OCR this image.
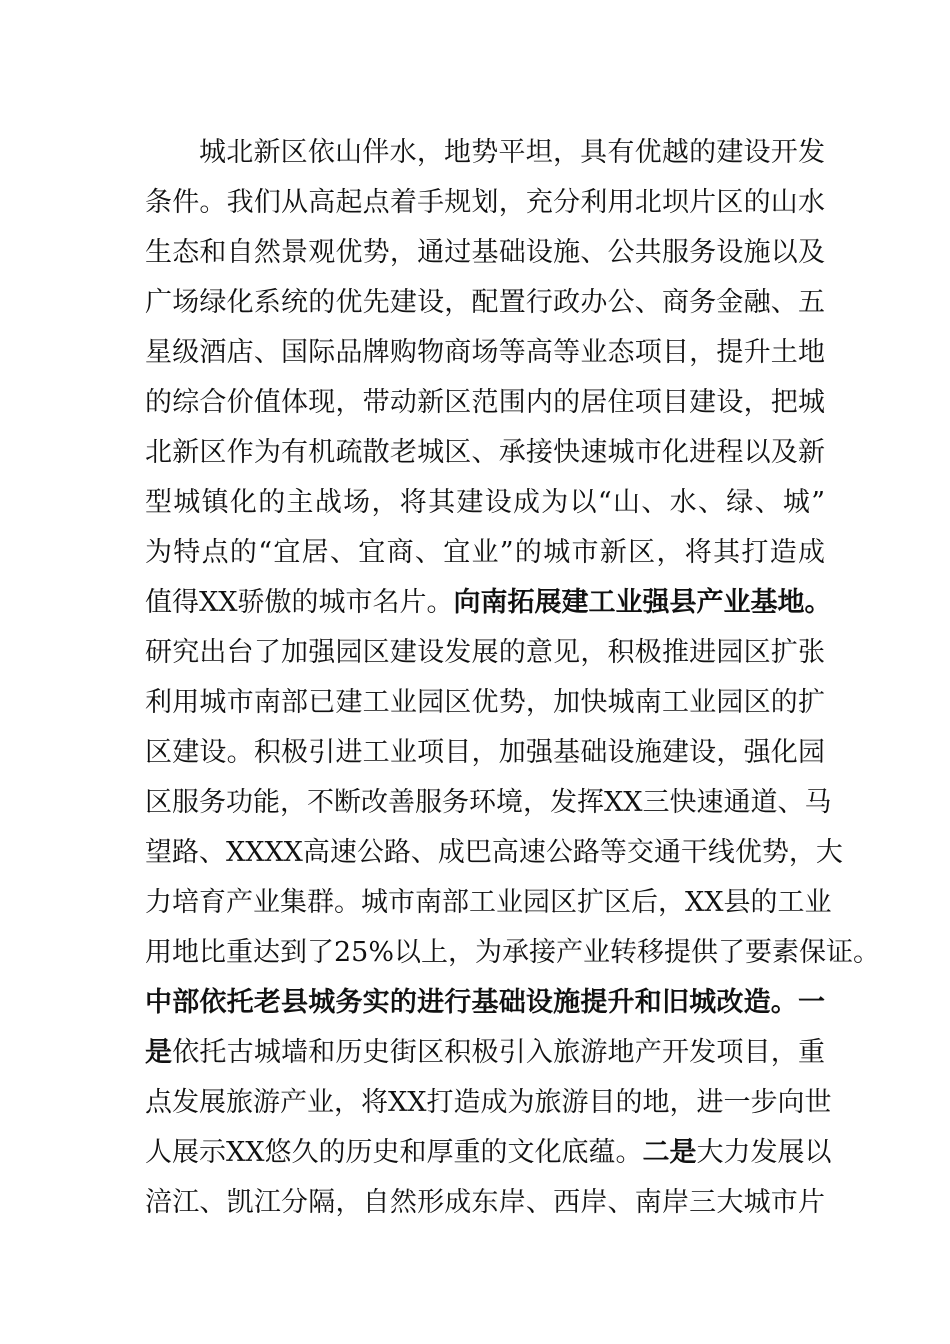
城北新区依山伴水，地势平坦，具有优越的建设开发
条件。我们从高起点着手规划，充分利用北坝片区的山水
生态和自然景观优势，通过基础设施、公共服务设施以及
广场绿化系统的优先建设，配置行政办公、商务金融、五
星级酒店、国际品牌购物商场等高等业态项目，提升土地
的综合价值体现，带动新区范围内的居住项目建设，把城
北新区作为有机疏散老城区、承接快速城市化进程以及新
型城镇化的主战场，将其建设成为以“山、水、绿、城”
为特点的“宜居、宜商、宜业”的城市新区，将其打造成
值得XX骄傲的城市名片。向南拓展建工业强县产业基地。
研究出台了加强园区建设发展的意见，积极推进园区扩张
利用城市南部已建工业园区优势，加快城南工业园区的扩
区建设。积极引进工业项目，加强基础设施建设，强化园
区服务功能，不断改善服务环境，发挥XX三快速通道、马
望路、XXXX高速公路、成巴高速公路等交通干线优势，大
力培育产业集群。城市南部工业园区扩区后，XX县的工业
用地比重达到了25%以上，为承接产业转移提供了要素保证。
中部依托老县城务实的进行基础设施提升和旧城改造。一
是依托古城墙和历史街区积极引入旅游地产开发项目，重
点发展旅游产业，将XX打造成为旅游目的地，进一步向世
人展示XX悠久的历史和厚重的文化底蕴。二是大力发展以
涪江、凯江分隔，自然形成东岸、西岸、南岸三大城市片
